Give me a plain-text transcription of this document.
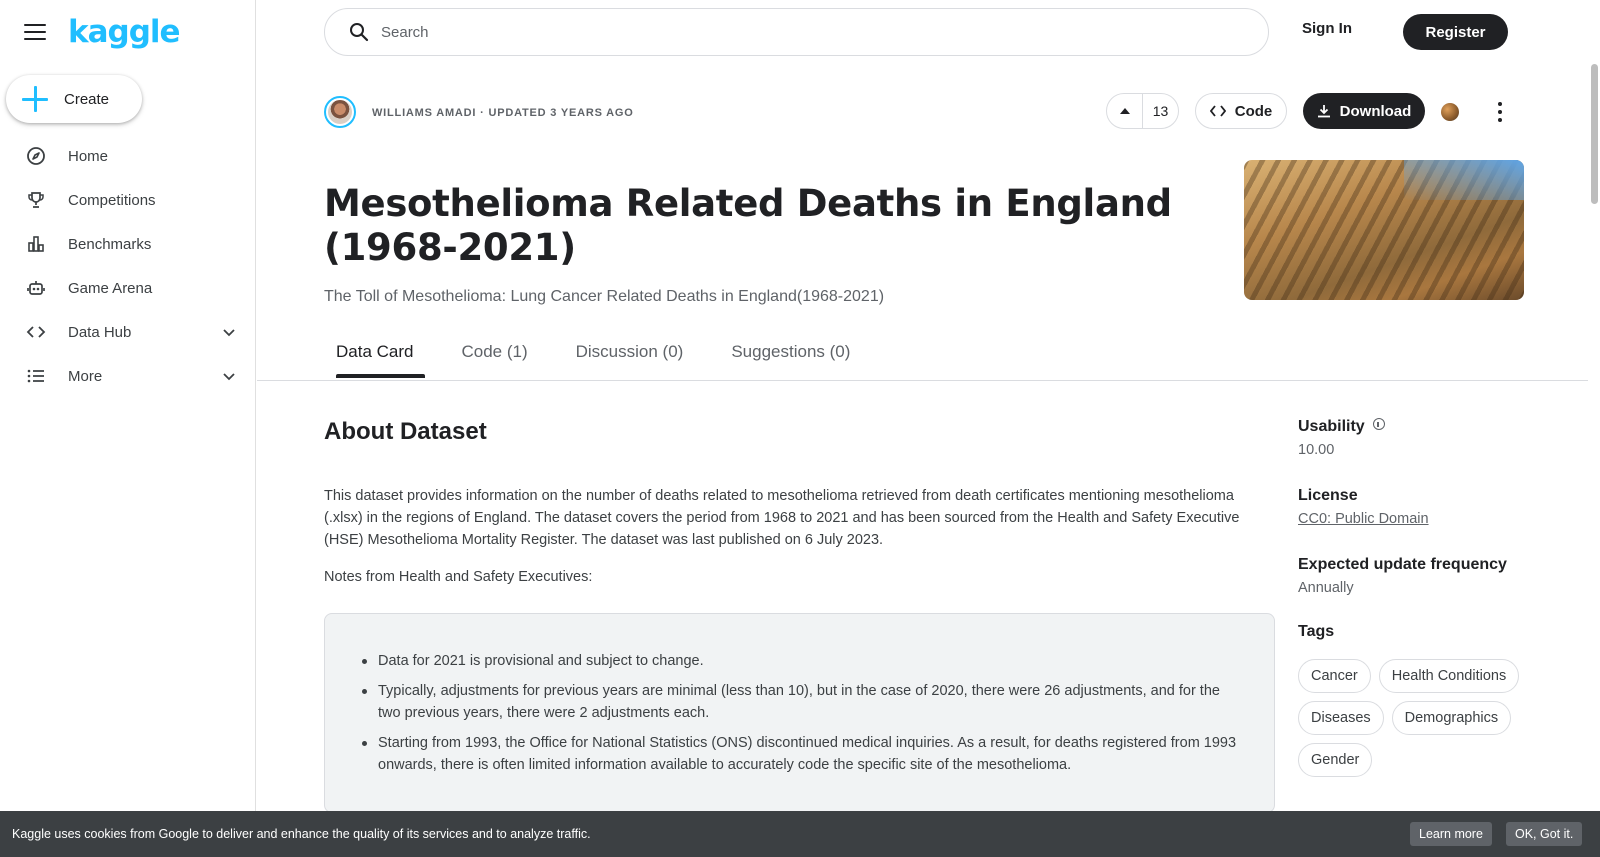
kaggle
Create
Home
Competitions
Benchmarks
Game Arena
Data Hub
More
Search
Sign In	Register
WILLIAMS AMADI · UPDATED 3 YEARS AGO	13	Code	Download
Mesothelioma Related Deaths in England (1968-2021)
The Toll of Mesothelioma: Lung Cancer Related Deaths in England(1968-2021)
Data Card	Code (1)	Discussion (0)	Suggestions (0)
About Dataset

This dataset provides information on the number of deaths related to mesothelioma retrieved from death certificates mentioning mesothelioma (.xlsx) in the regions of England. The dataset covers the period from 1968 to 2021 and has been sourced from the Health and Safety Executive (HSE) Mesothelioma Mortality Register. The dataset was last published on 6 July 2023.

Notes from Health and Safety Executives:

Data for 2021 is provisional and subject to change.
Typically, adjustments for previous years are minimal (less than 10), but in the case of 2020, there were 26 adjustments, and for the two previous years, there were 2 adjustments each.
Starting from 1993, the Office for National Statistics (ONS) discontinued medical inquiries. As a result, for deaths registered from 1993 onwards, there is often limited information available to accurately code the specific site of the mesothelioma.
Usability
10.00
License
CC0: Public Domain
Expected update frequency
Annually
Tags
Cancer	Health Conditions
Diseases	Demographics
Gender
Kaggle uses cookies from Google to deliver and enhance the quality of its services and to analyze traffic.	Learn more	OK, Got it.
